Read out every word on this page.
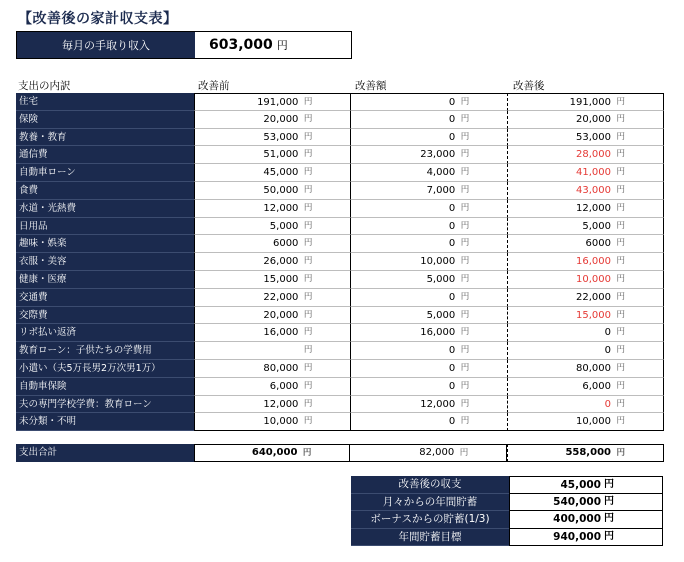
【改善後の家計収支表】
毎月の手取り収入	603,000 円
支出の内訳	改善前	改善額	改善後
住宅	191,000 円	0 円	191,000 円
保険	20,000 円	0 円	20,000 円
教養・教育	53,000 円	0 円	53,000 円
通信費	51,000 円	23,000 円	28,000 円
自動車ローン	45,000 円	4,000 円	41,000 円
食費	50,000 円	7,000 円	43,000 円
水道・光熱費	12,000 円	0 円	12,000 円
日用品	5,000 円	0 円	5,000 円
趣味・娯楽	6000 円	0 円	6000 円
衣服・美容	26,000 円	10,000 円	16,000 円
健康・医療	15,000 円	5,000 円	10,000 円
交通費	22,000 円	0 円	22,000 円
交際費	20,000 円	5,000 円	15,000 円
リボ払い返済	16,000 円	16,000 円	0 円
教育ローン：子供たちの学費用	円	0 円	0 円
小遣い（夫5万長男2万次男1万）	80,000 円	0 円	80,000 円
自動車保険	6,000 円	0 円	6,000 円
夫の専門学校学費：教育ローン	12,000 円	12,000 円	0 円
未分類・不明	10,000 円	0 円	10,000 円
支出合計	640,000 円	82,000 円	558,000 円
改善後の収支	45,000 円
月々からの年間貯蓄	540,000 円
ボーナスからの貯蓄(1/3)	400,000 円
年間貯蓄目標	940,000 円
